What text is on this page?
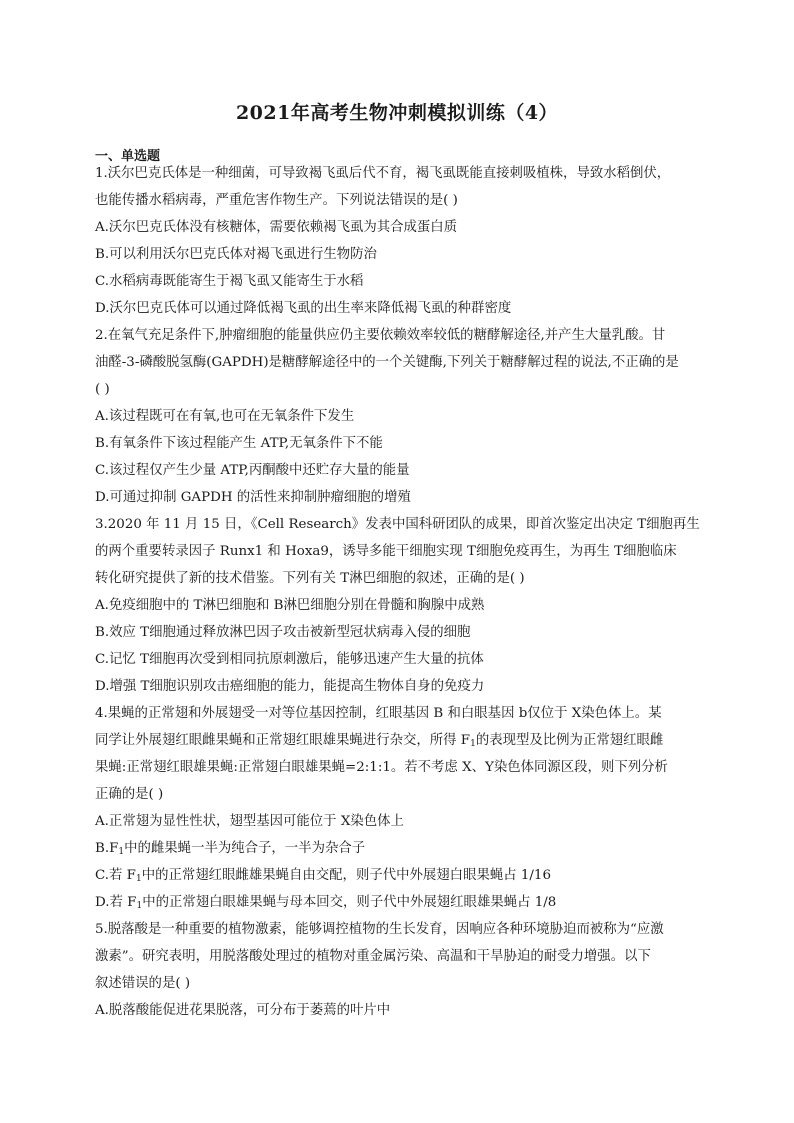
2021年高考生物冲刺模拟训练（4）
一、单选题
1.沃尔巴克氏体是一种细菌，可导致褐飞虱后代不育，褐飞虱既能直接刺吸植株，导致水稻倒伏，
也能传播水稻病毒，严重危害作物生产。下列说法错误的是( )
A.沃尔巴克氏体没有核糖体，需要依赖褐飞虱为其合成蛋白质
B.可以利用沃尔巴克氏体对褐飞虱进行生物防治
C.水稻病毒既能寄生于褐飞虱又能寄生于水稻
D.沃尔巴克氏体可以通过降低褐飞虱的出生率来降低褐飞虱的种群密度
2.在氧气充足条件下,肿瘤细胞的能量供应仍主要依赖效率较低的糖酵解途径,并产生大量乳酸。甘
油醛-3-磷酸脱氢酶(GAPDH)是糖酵解途径中的一个关键酶,下列关于糖酵解过程的说法,不正确的是
( )
A.该过程既可在有氧,也可在无氧条件下发生
B.有氧条件下该过程能产生 ATP,无氧条件下不能
C.该过程仅产生少量 ATP,丙酮酸中还贮存大量的能量
D.可通过抑制 GAPDH 的活性来抑制肿瘤细胞的增殖
3.2020 年 11 月 15 日，《Cell Research》发表中国科研团队的成果，即首次鉴定出决定 T细胞再生
的两个重要转录因子 Runx1 和 Hoxa9，诱导多能干细胞实现 T细胞免疫再生，为再生 T细胞临床
转化研究提供了新的技术借鉴。下列有关 T淋巴细胞的叙述，正确的是( )
A.免疫细胞中的 T淋巴细胞和 B淋巴细胞分别在骨髓和胸腺中成熟
B.效应 T细胞通过释放淋巴因子攻击被新型冠状病毒入侵的细胞
C.记忆 T细胞再次受到相同抗原刺激后，能够迅速产生大量的抗体
D.增强 T细胞识别攻击癌细胞的能力，能提高生物体自身的免疫力
4.果蝇的正常翅和外展翅受一对等位基因控制，红眼基因 B 和白眼基因 b仅位于 X染色体上。某
同学让外展翅红眼雌果蝇和正常翅红眼雄果蝇进行杂交，所得 $F_1$的表现型及比例为正常翅红眼雌
果蝇:正常翅红眼雄果蝇:正常翅白眼雄果蝇=2:1:1。若不考虑 X、Y染色体同源区段，则下列分析
正确的是( )
A.正常翅为显性性状，翅型基因可能位于 X染色体上
$B.F_1$中的雌果蝇一半为纯合子，一半为杂合子
C.若 $F_1$中的正常翅红眼雌雄果蝇自由交配，则子代中外展翅白眼果蝇占 1/16
D.若 $F_1$中的正常翅白眼雄果蝇与母本回交，则子代中外展翅红眼雄果蝇占 1/8
5.脱落酸是一种重要的植物激素，能够调控植物的生长发育，因响应各种环境胁迫而被称为“应激
激素”。研究表明，用脱落酸处理过的植物对重金属污染、高温和干旱胁迫的耐受力增强。以下
叙述错误的是( )
A.脱落酸能促进花果脱落，可分布于萎蔫的叶片中
